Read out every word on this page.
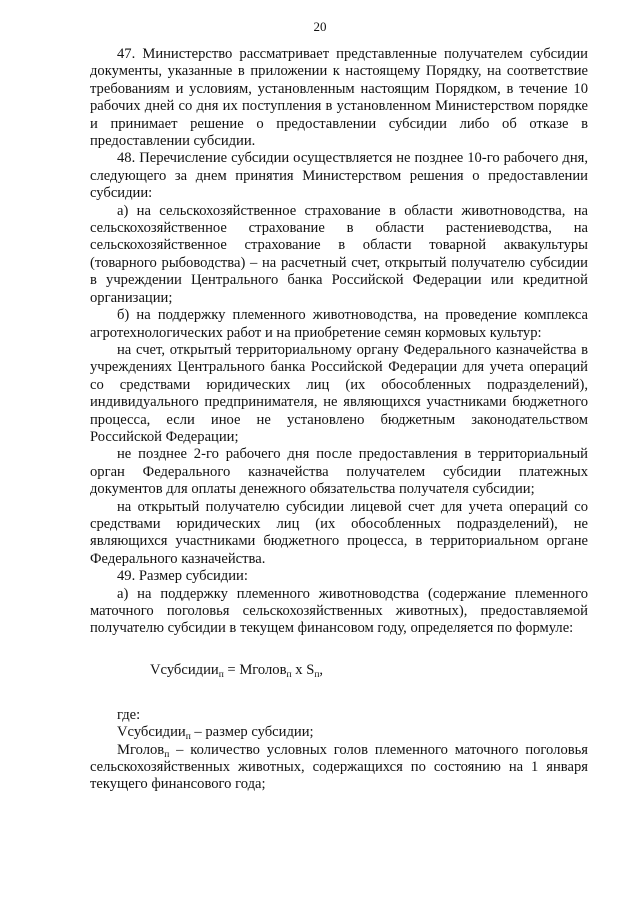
20

47. Министерство рассматривает представленные получателем субсидии документы, указанные в приложении к настоящему Порядку, на соответствие требованиям и условиям, установленным настоящим Порядком, в течение 10 рабочих дней со дня их поступления в установленном Министерством порядке и принимает решение о предоставлении субсидии либо об отказе в предоставлении субсидии.

48. Перечисление субсидии осуществляется не позднее 10-го рабочего дня, следующего за днем принятия Министерством решения о предоставлении субсидии:

а) на сельскохозяйственное страхование в области животноводства, на сельскохозяйственное страхование в области растениеводства, на сельскохозяйственное страхование в области товарной аквакультуры (товарного рыбоводства) – на расчетный счет, открытый получателю субсидии в учреждении Центрального банка Российской Федерации или кредитной организации;

б) на поддержку племенного животноводства, на проведение комплекса агротехнологических работ и на приобретение семян кормовых культур:

на счет, открытый территориальному органу Федерального казначейства в учреждениях Центрального банка Российской Федерации для учета операций со средствами юридических лиц (их обособленных подразделений), индивидуального предпринимателя, не являющихся участниками бюджетного процесса, если иное не установлено бюджетным законодательством Российской Федерации;

не позднее 2-го рабочего дня после предоставления в территориальный орган Федерального казначейства получателем субсидии платежных документов для оплаты денежного обязательства получателя субсидии;

на открытый получателю субсидии лицевой счет для учета операций со средствами юридических лиц (их обособленных подразделений), не являющихся участниками бюджетного процесса, в территориальном органе Федерального казначейства.

49. Размер субсидии:

а) на поддержку племенного животноводства (содержание племенного маточного поголовья сельскохозяйственных животных), предоставляемой получателю субсидии в текущем финансовом году, определяется по формуле:

Vсубсидии$_п$ = Мголов$_п$ x $S_п$,

где:

Vсубсидии$_п$ – размер субсидии;

Мголов$_п$ – количество условных голов племенного маточного поголовья сельскохозяйственных животных, содержащихся по состоянию на 1 января текущего финансового года;
